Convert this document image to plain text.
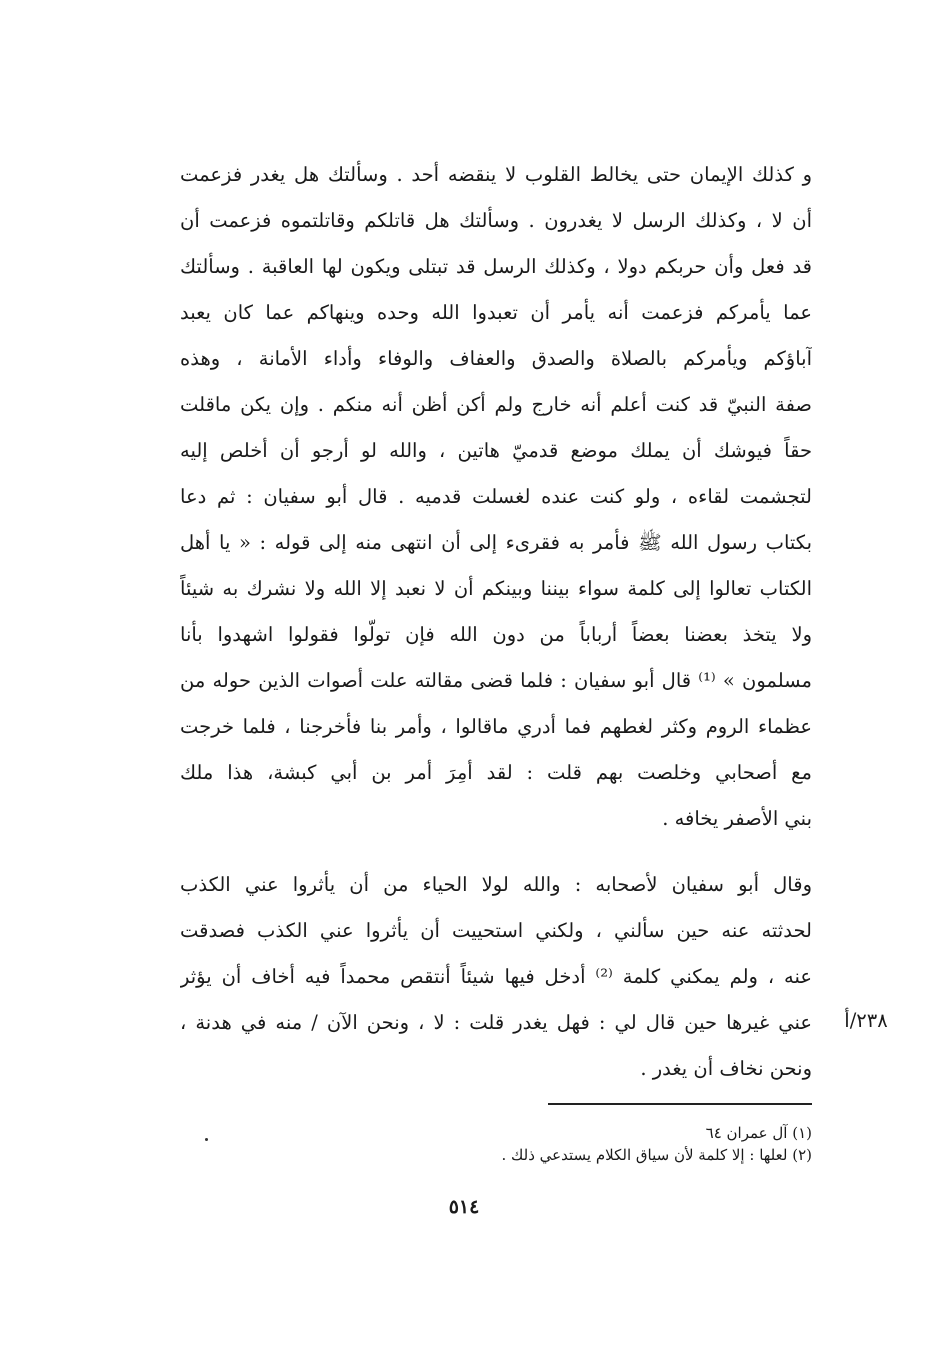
و كذلك الإيمان حتى يخالط القلوب لا ينقضه أحد . وسألتك هل يغدر فزعمت
أن لا ، وكذلك الرسل لا يغدرون . وسألتك هل قاتلكم وقاتلتموه فزعمت أن
قد فعل وأن حربكم دولا ، وكذلك الرسل قد تبتلى ويكون لها العاقبة . وسألتك
عما يأمركم فزعمت أنه يأمر أن تعبدوا الله وحده وينهاكم عما كان يعبد
آباؤكم ويأمركم بالصلاة والصدق والعفاف والوفاء وأداء الأمانة ، وهذه
صفة النبيّ قد كنت أعلم أنه خارج ولم أكن أظن أنه منكم . وإن يكن ماقلت
حقاً فيوشك أن يملك موضع قدميّ هاتين ، والله لو أرجو أن أخلص إليه
لتجشمت لقاءه ، ولو كنت عنده لغسلت قدميه . قال أبو سفيان : ثم دعا
بكتاب رسول الله ﷺ فأمر به فقرىء إلى أن انتهى منه إلى قوله : « يا أهل
الكتاب تعالوا إلى كلمة سواء بيننا وبينكم أن لا نعبد إلا الله ولا نشرك به شيئاً
ولا يتخذ بعضنا بعضاً أرباباً من دون الله فإن تولّوا فقولوا اشهدوا بأنا
مسلمون » ⁽¹⁾ قال أبو سفيان : فلما قضى مقالته علت أصوات الذين حوله من
عظماء الروم وكثر لغطهم فما أدري ماقالوا ، وأمر بنا فأخرجنا ، فلما خرجت
مع أصحابي وخلصت بهم قلت : لقد أمِرَ أمر بن أبي كبشة، هذا ملك
بني الأصفر يخافه .
وقال أبو سفيان لأصحابه : والله لولا الحياء من أن يأثروا عني الكذب
لحدثته عنه حين سألني ، ولكني استحييت أن يأثروا عني الكذب فصدقت
عنه ، ولم يمكني كلمة ⁽²⁾ أدخل فيها شيئاً أنتقص محمداً فيه أخاف أن يؤثر
عني غيرها حين قال لي : فهل يغدر قلت : لا ، ونحن الآن / منه في هدنة ،
ونحن نخاف أن يغدر .
٢٣٨/أ
(١) آل عمران ٦٤
(٢) لعلها : إلا كلمة لأن سياق الكلام يستدعي ذلك .
٥١٤
